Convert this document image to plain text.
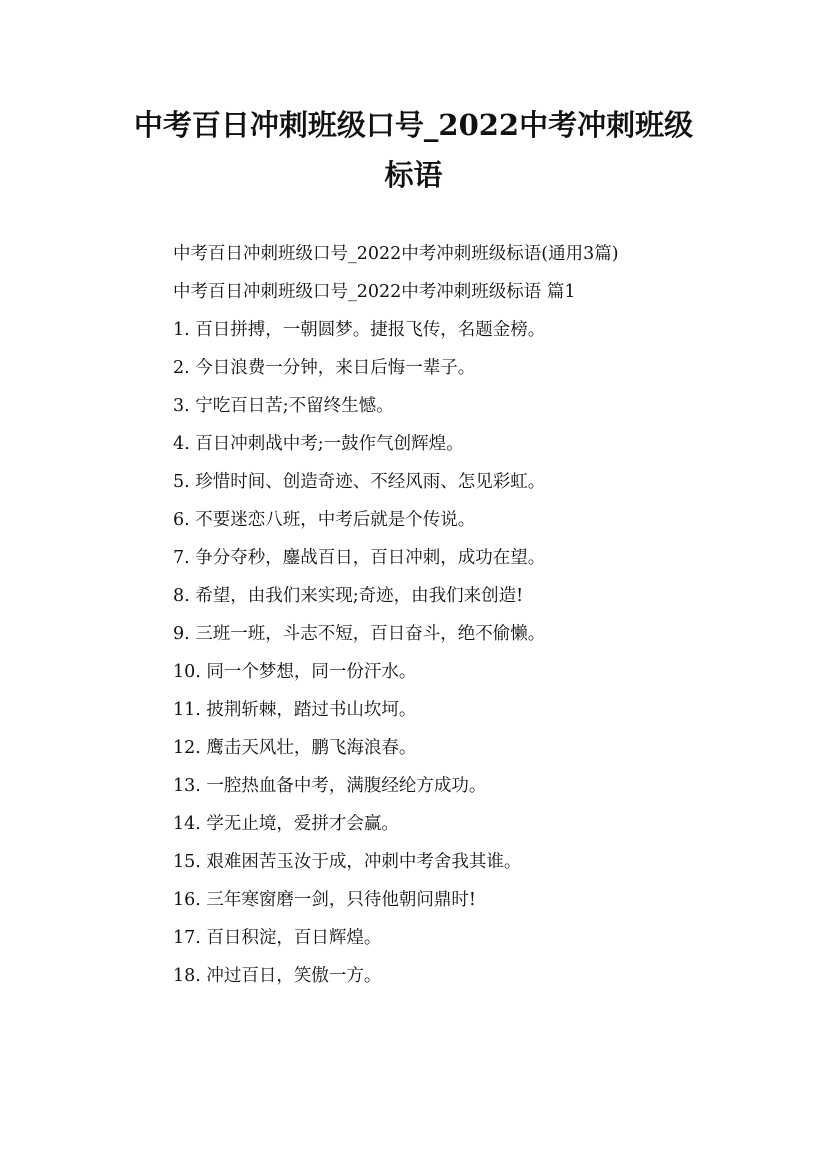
中考百日冲刺班级口号_2022中考冲刺班级
标语

中考百日冲刺班级口号_2022中考冲刺班级标语(通用3篇)

中考百日冲刺班级口号_2022中考冲刺班级标语 篇1

1. 百日拼搏，一朝圆梦。捷报飞传，名题金榜。

2. 今日浪费一分钟，来日后悔一辈子。

3. 宁吃百日苦;不留终生憾。

4. 百日冲刺战中考;一鼓作气创辉煌。

5. 珍惜时间、创造奇迹、不经风雨、怎见彩虹。

6. 不要迷恋八班，中考后就是个传说。

7. 争分夺秒，鏖战百日，百日冲刺，成功在望。

8. 希望，由我们来实现;奇迹，由我们来创造!

9. 三班一班，斗志不短，百日奋斗，绝不偷懒。

10. 同一个梦想，同一份汗水。

11. 披荆斩棘，踏过书山坎坷。

12. 鹰击天风壮，鹏飞海浪春。

13. 一腔热血备中考，满腹经纶方成功。

14. 学无止境，爱拼才会赢。

15. 艰难困苦玉汝于成，冲刺中考舍我其谁。

16. 三年寒窗磨一剑，只待他朝问鼎时!

17. 百日积淀，百日辉煌。

18. 冲过百日，笑傲一方。
